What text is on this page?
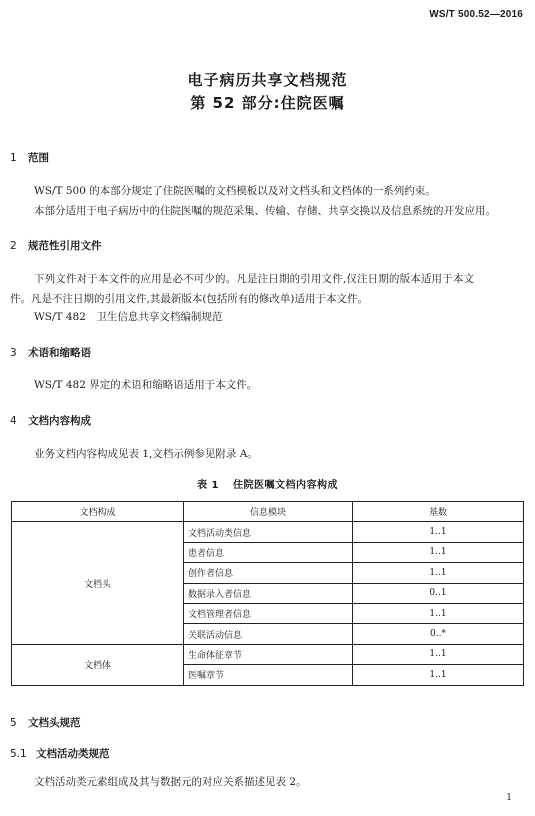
WS/T 500.52—2016
电子病历共享文档规范
第 52 部分:住院医嘱
1 范围
WS/T 500 的本部分规定了住院医嘱的文档模板以及对文档头和文档体的一系列约束。
本部分适用于电子病历中的住院医嘱的规范采集、传输、存储、共享交换以及信息系统的开发应用。
2 规范性引用文件
下列文件对于本文件的应用是必不可少的。凡是注日期的引用文件,仅注日期的版本适用于本文
件。凡是不注日期的引用文件,其最新版本(包括所有的修改单)适用于本文件。
WS/T 482　卫生信息共享文档编制规范
3 术语和缩略语
WS/T 482 界定的术语和缩略语适用于本文件。
4 文档内容构成
业务文档内容构成见表 1,文档示例参见附录 A。
表 1 住院医嘱文档内容构成
文档构成	信息模块	基数
文档头	文档活动类信息	1..1
	患者信息	1..1
	创作者信息	1..1
	数据录入者信息	0..1
	文档管理者信息	1..1
	关联活动信息	0..*
文档体	生命体征章节	1..1
	医嘱章节	1..1
5 文档头规范
5.1 文档活动类规范
文档活动类元素组成及其与数据元的对应关系描述见表 2。
1
